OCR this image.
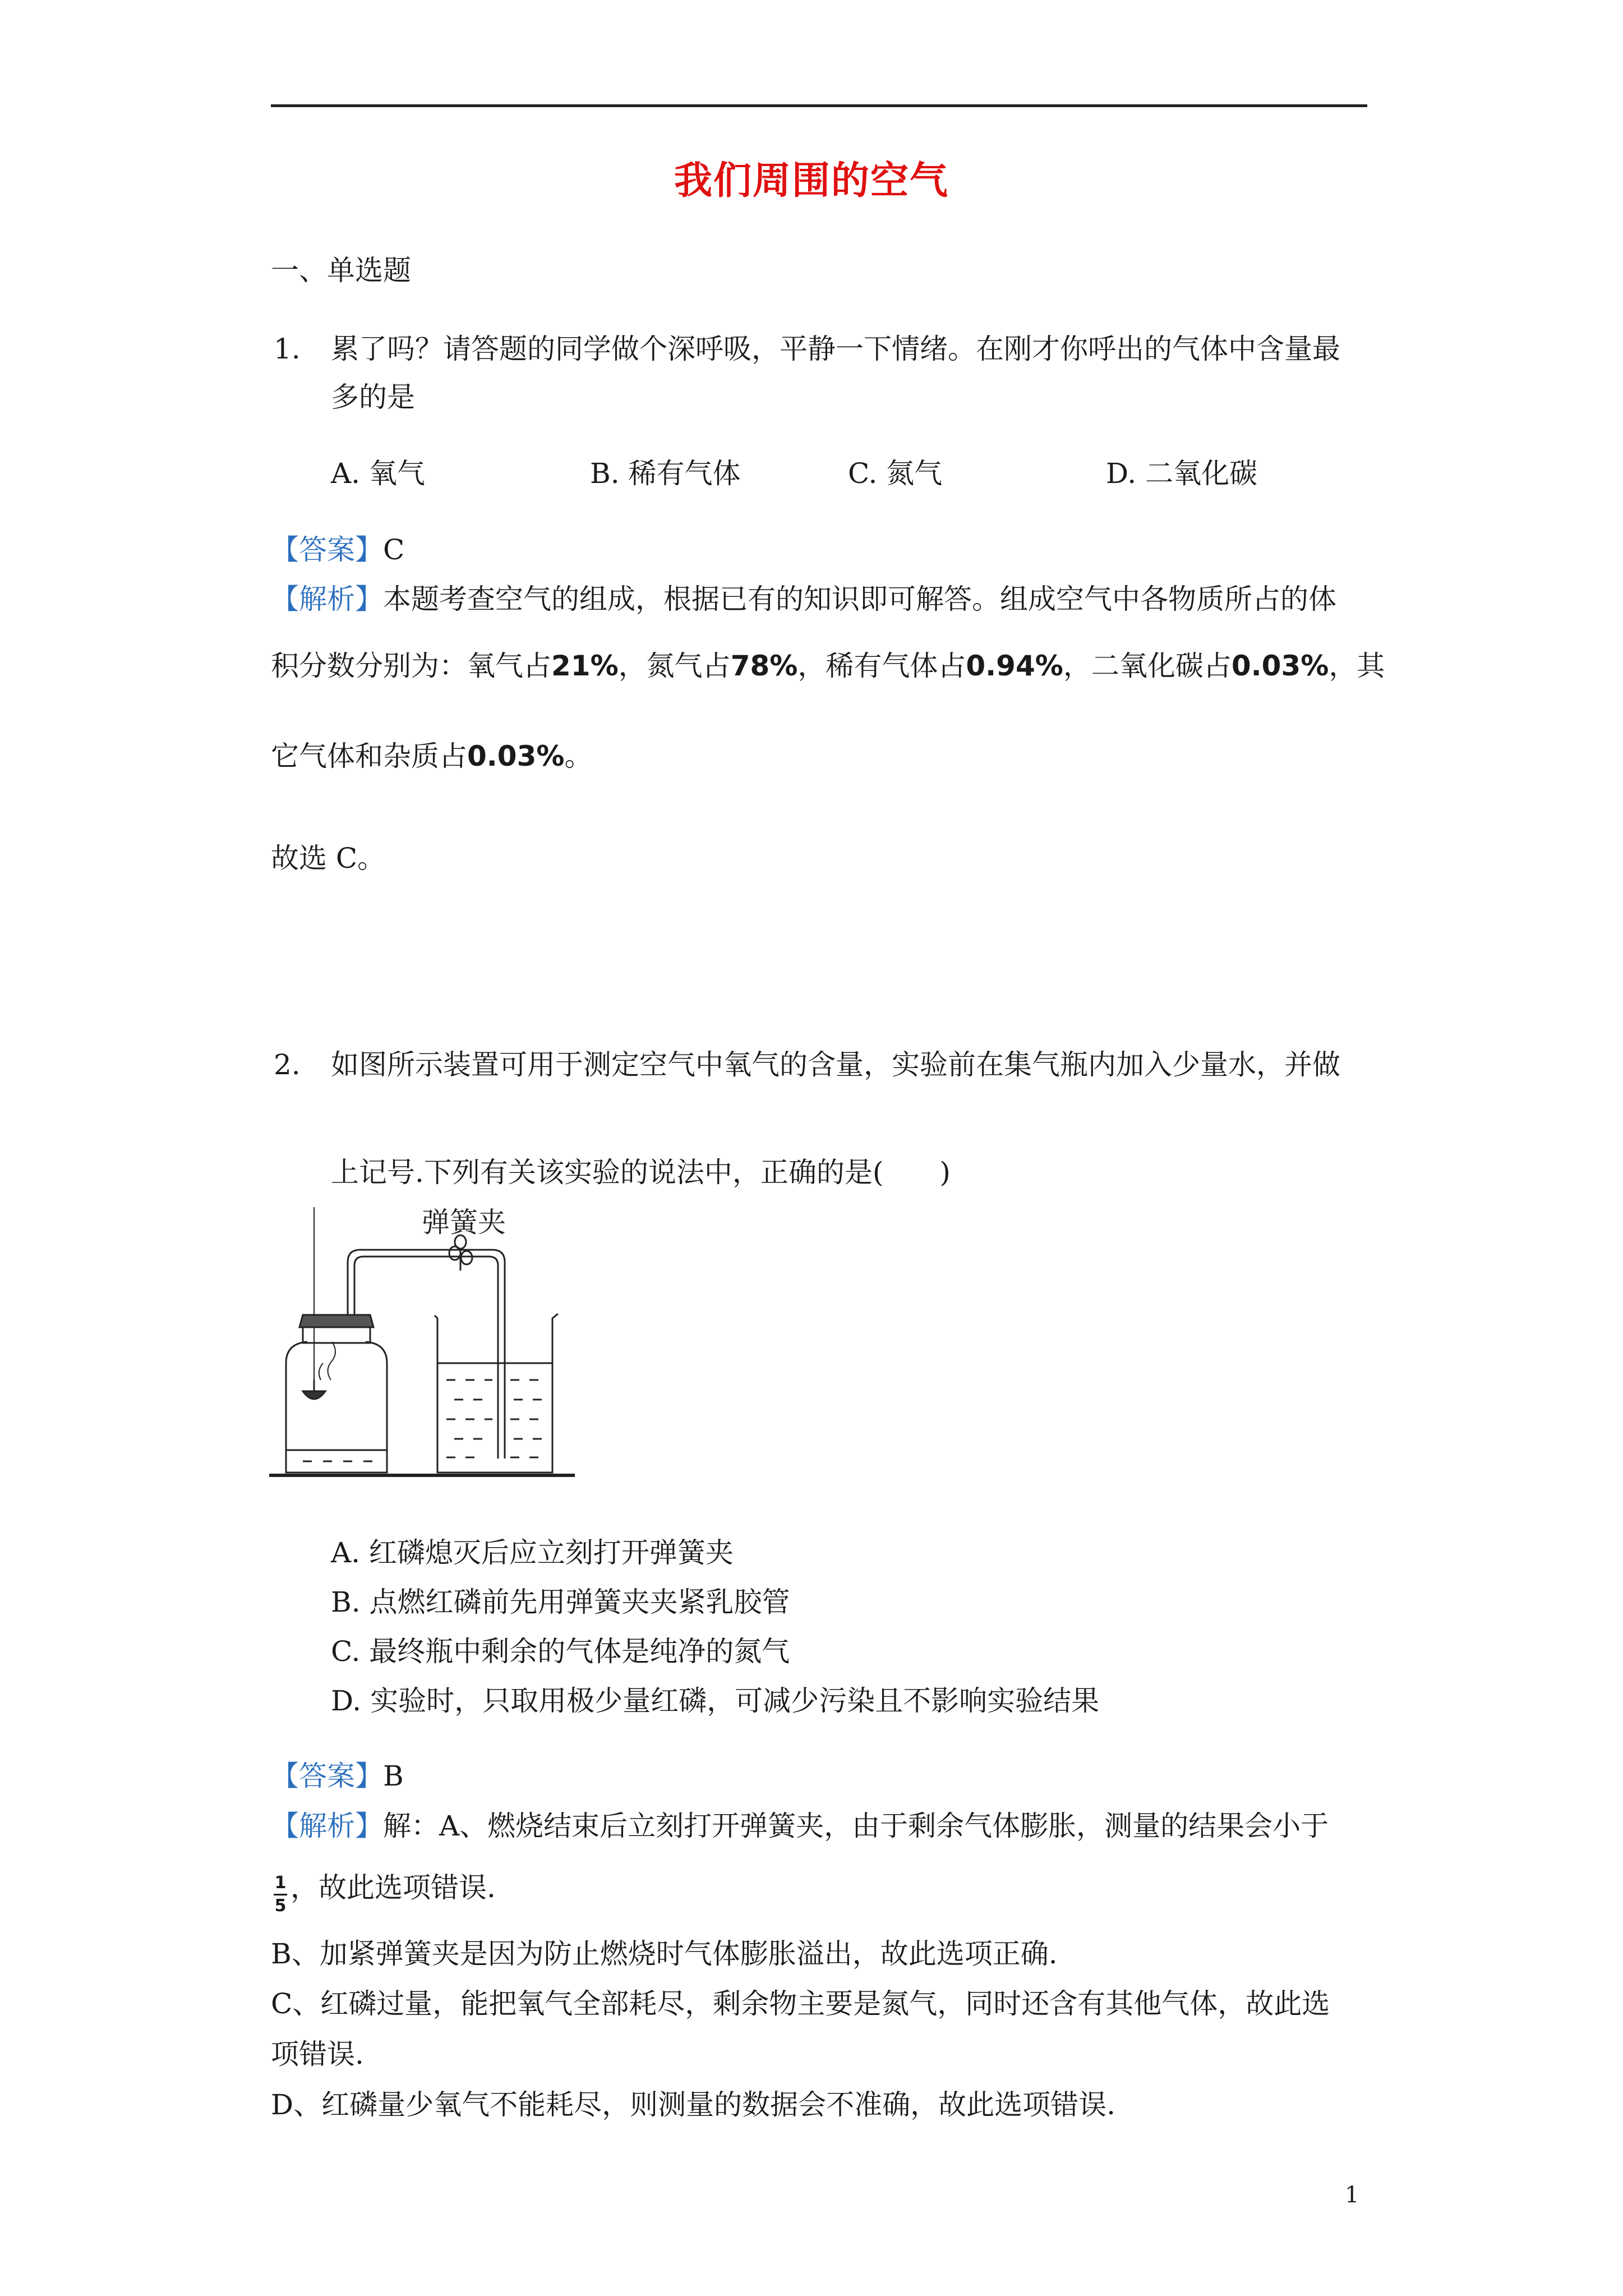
我们周围的空气
一、单选题
1. 累了吗？请答题的同学做个深呼吸，平静一下情绪。在刚才你呼出的气体中含量最
多的是
A. 氧气	B. 稀有气体	C. 氮气	D. 二氧化碳
【答案】C
【解析】本题考查空气的组成，根据已有的知识即可解答。组成空气中各物质所占的体
积分数分别为：氧气占21%，氮气占78%，稀有气体占0.94%，二氧化碳占0.03%，其
它气体和杂质占0.03%。
故选 C。
2. 如图所示装置可用于测定空气中氧气的含量，实验前在集气瓶内加入少量水，并做
上记号.下列有关该实验的说法中，正确的是(　　)
弹簧夹
A. 红磷熄灭后应立刻打开弹簧夹
B. 点燃红磷前先用弹簧夹夹紧乳胶管
C. 最终瓶中剩余的气体是纯净的氮气
D. 实验时，只取用极少量红磷，可减少污染且不影响实验结果
【答案】B
【解析】解：A、燃烧结束后立刻打开弹簧夹，由于剩余气体膨胀，测量的结果会小于
1
5
，故此选项错误.
B、加紧弹簧夹是因为防止燃烧时气体膨胀溢出，故此选项正确.
C、红磷过量，能把氧气全部耗尽，剩余物主要是氮气，同时还含有其他气体，故此选
项错误.
D、红磷量少氧气不能耗尽，则测量的数据会不准确，故此选项错误.
1
